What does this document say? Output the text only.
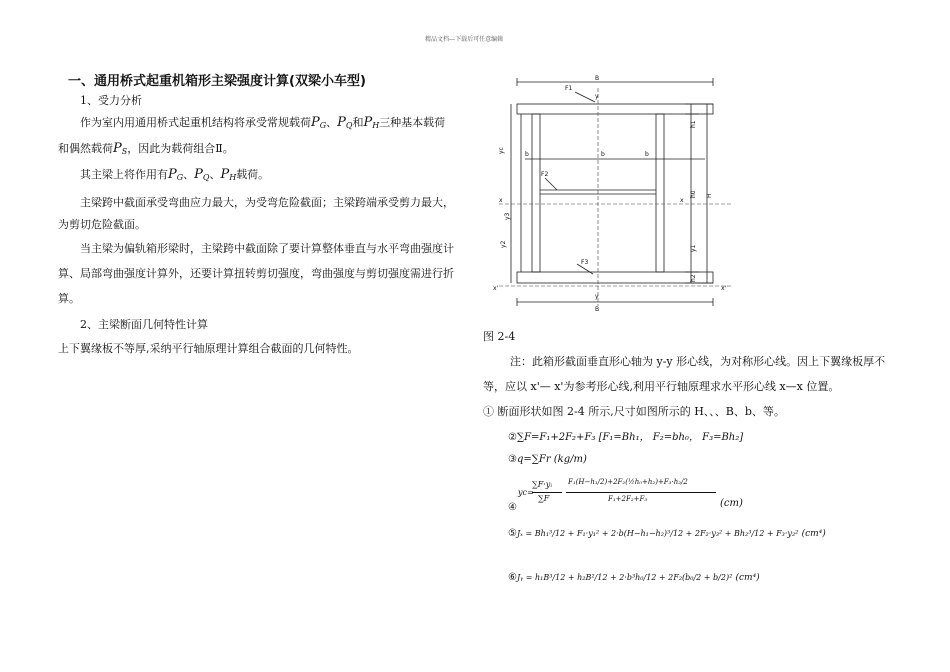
精品文档---下载后可任意编辑
一、通用桥式起重机箱形主梁强度计算(双梁小车型)
1、受力分析
作为室内用通用桥式起重机结构将承受常规载荷$P_G$、$P_Q$和$P_H$三种基本载荷
和偶然载荷$P_S$，因此为载荷组合Ⅱ。
其主梁上将作用有$P_G$、$P_Q$、$P_H$载荷。
主梁跨中截面承受弯曲应力最大，为受弯危险截面；主梁跨端承受剪力最大，
为剪切危险截面。
当主梁为偏轨箱形梁时，主梁跨中截面除了要计算整体垂直与水平弯曲强度计
算、局部弯曲强度计算外，还要计算扭转剪切强度，弯曲强度与剪切强度需进行折
算。
2、主梁断面几何特性计算
上下翼缘板不等厚,采纳平行轴原理计算组合截面的几何特性。
B
F1
y
b	b	b
F2
x	x
F3
x'	x'
y
B
yc
y3
y2
h1
h0 H
y1
h2
图 2-4
注：此箱形截面垂直形心轴为 y-y 形心线，为对称形心线。因上下翼缘板厚不
等，应以 x'— x'为参考形心线,利用平行轴原理求水平形心线 x—x 位置。
① 断面形状如图 2-4 所示,尺寸如图所示的 H、、、B、b、等。
②∑F=F₁+2F₂+F₃ [F₁=Bh₁， F₂=bh₀， F₃=Bh₂]
③q=∑Fr (kg/m)
④
yc=
∑F·yᵢ
∑F
F₁(H−h₁/2)+2F₂(½h₀+h₂)+F₃·h₂/2
F₁+2F₂+F₃	(cm)
⑤Jₓ = Bh₁³/12 + F₁·y₁² + 2·b(H−h₁−h₂)³/12 + 2F₂·y₃² + Bh₂³/12 + F₃·y₂² (cm⁴)
⑥Jᵧ = h₁B³/12 + h₂B²/12 + 2·b³h₀/12 + 2F₂(b₀/2 + b/2)² (cm⁴)
